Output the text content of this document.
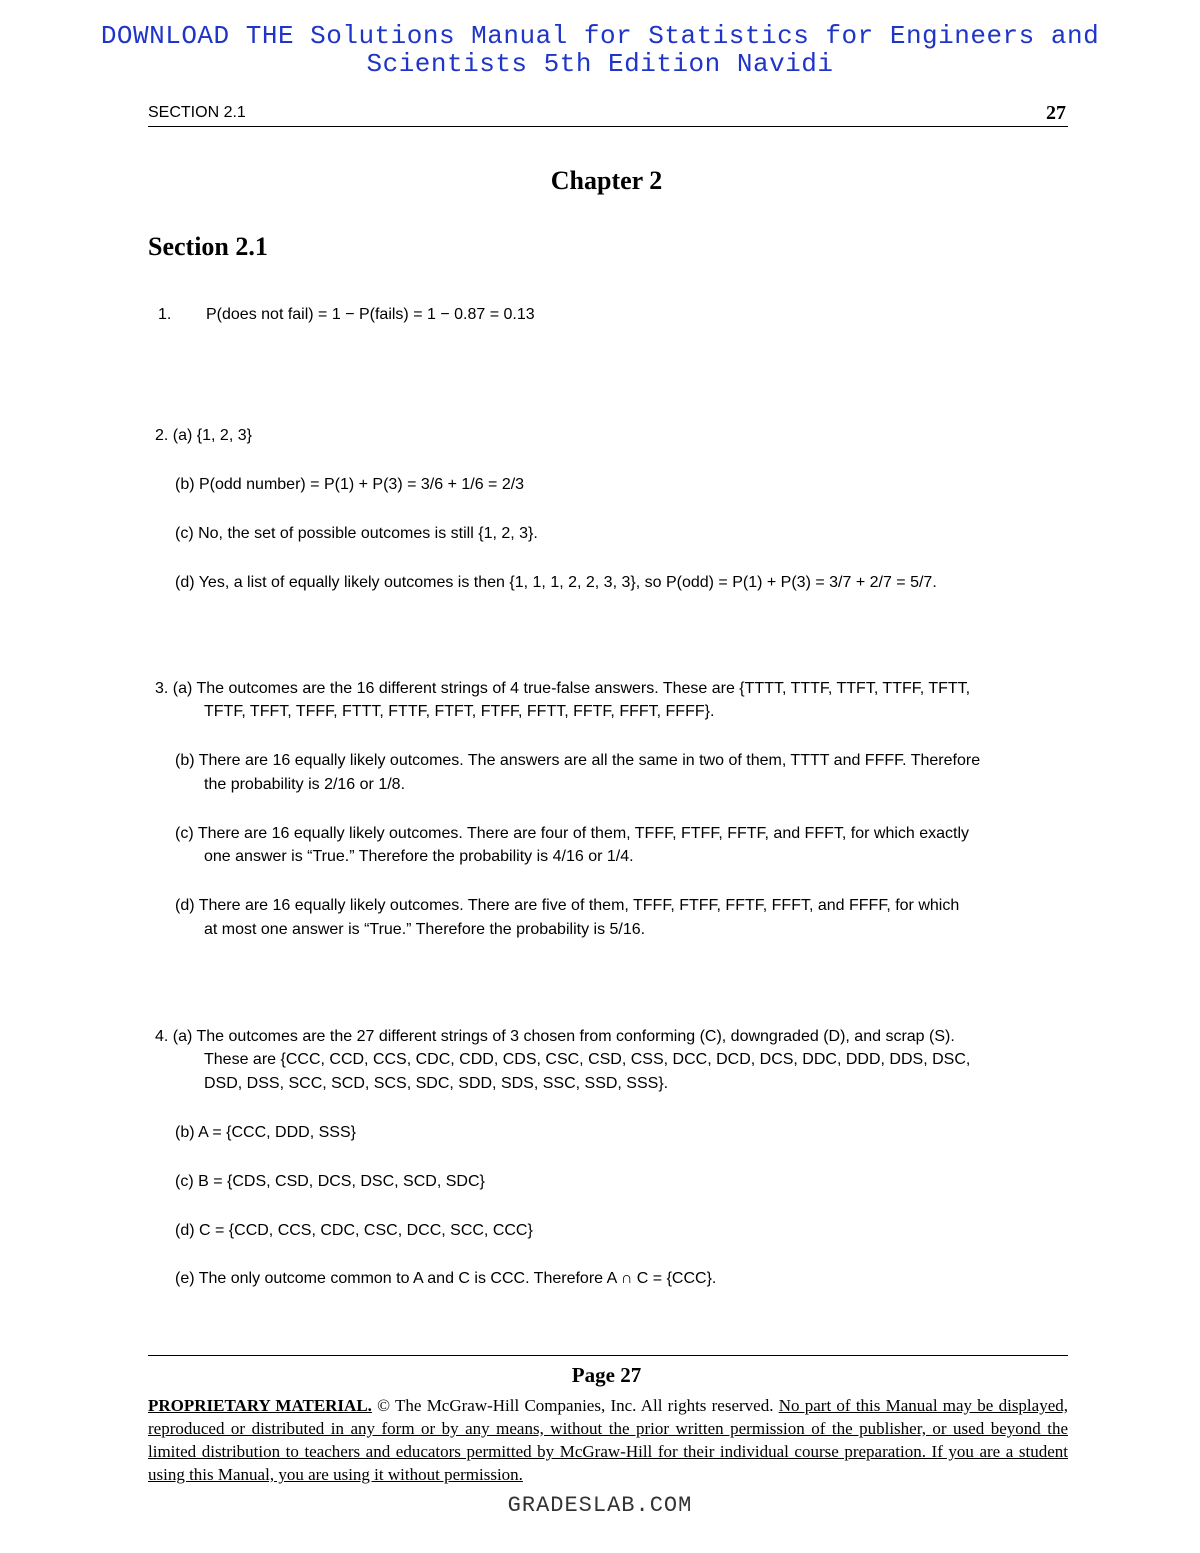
DOWNLOAD THE Solutions Manual for Statistics for Engineers and
Scientists 5th Edition Navidi
SECTION 2.1	27
Chapter 2
Section 2.1
1. P(does not fail) = 1 − P(fails) = 1 − 0.87 = 0.13
2. (a) {1, 2, 3}
(b) P(odd number) = P(1) + P(3) = 3/6 + 1/6 = 2/3
(c) No, the set of possible outcomes is still {1, 2, 3}.
(d) Yes, a list of equally likely outcomes is then {1, 1, 1, 2, 2, 3, 3}, so P(odd) = P(1) + P(3) = 3/7 + 2/7 = 5/7.
3. (a) The outcomes are the 16 different strings of 4 true-false answers. These are {TTTT, TTTF, TTFT, TTFF, TFTT,
TFTF, TFFT, TFFF, FTTT, FTTF, FTFT, FTFF, FFTT, FFTF, FFFT, FFFF}.
(b) There are 16 equally likely outcomes. The answers are all the same in two of them, TTTT and FFFF. Therefore
the probability is 2/16 or 1/8.
(c) There are 16 equally likely outcomes. There are four of them, TFFF, FTFF, FFTF, and FFFT, for which exactly
one answer is “True.” Therefore the probability is 4/16 or 1/4.
(d) There are 16 equally likely outcomes. There are five of them, TFFF, FTFF, FFTF, FFFT, and FFFF, for which
at most one answer is “True.” Therefore the probability is 5/16.
4. (a) The outcomes are the 27 different strings of 3 chosen from conforming (C), downgraded (D), and scrap (S).
These are {CCC, CCD, CCS, CDC, CDD, CDS, CSC, CSD, CSS, DCC, DCD, DCS, DDC, DDD, DDS, DSC,
DSD, DSS, SCC, SCD, SCS, SDC, SDD, SDS, SSC, SSD, SSS}.
(b) A = {CCC, DDD, SSS}
(c) B = {CDS, CSD, DCS, DSC, SCD, SDC}
(d) C = {CCD, CCS, CDC, CSC, DCC, SCC, CCC}
(e) The only outcome common to A and C is CCC. Therefore A ∩ C = {CCC}.
Page 27
PROPRIETARY MATERIAL. © The McGraw-Hill Companies, Inc. All rights reserved. No part of this Manual may be displayed, reproduced or distributed in any form or by any means, without the prior written permission of the publisher, or used beyond the limited distribution to teachers and educators permitted by McGraw-Hill for their individual course preparation. If you are a student using this Manual, you are using it without permission.
GRADESLAB.COM
